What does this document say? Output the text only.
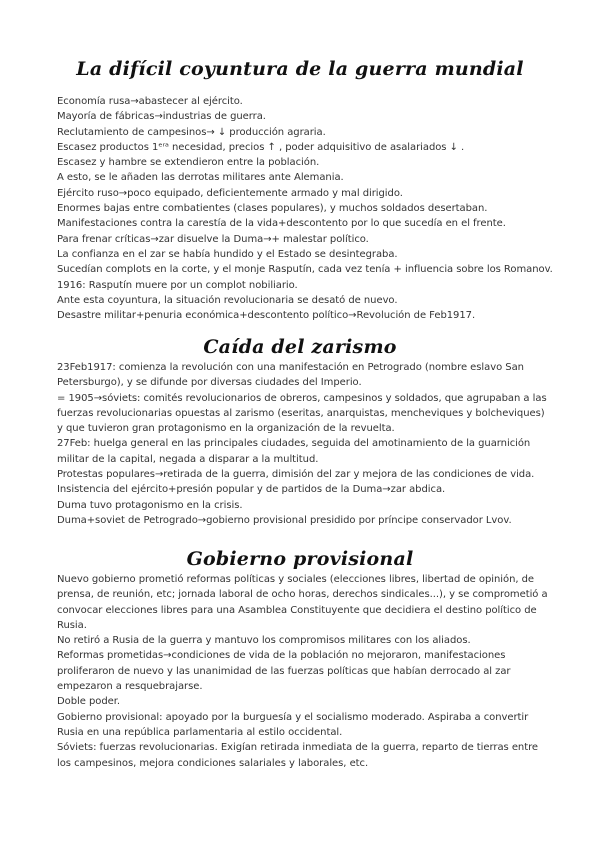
La difícil coyuntura de la guerra mundial
Economía rusa→abastecer al ejército.
Mayoría de fábricas→industrias de guerra.
Reclutamiento de campesinos→ ↓ producción agraria.
Escasez productos 1ᵉʳᵃ necesidad, precios ↑ , poder adquisitivo de asalariados ↓ .
Escasez y hambre se extendieron entre la población.
A esto, se le añaden las derrotas militares ante Alemania.
Ejército ruso→poco equipado, deficientemente armado y mal dirigido.
Enormes bajas entre combatientes (clases populares), y muchos soldados desertaban.
Manifestaciones contra la carestía de la vida+descontento por lo que sucedía en el frente.
Para frenar críticas→zar disuelve la Duma→+ malestar político.
La confianza en el zar se había hundido y el Estado se desintegraba.
Sucedían complots en la corte, y el monje Rasputín, cada vez tenía + influencia sobre los Romanov.
1916: Rasputín muere por un complot nobiliario.
Ante esta coyuntura, la situación revolucionaria se desató de nuevo.
Desastre militar+penuria económica+descontento político→Revolución de Feb1917.
Caída del zarismo
23Feb1917: comienza la revolución con una manifestación en Petrogrado (nombre eslavo San
Petersburgo), y se difunde por diversas ciudades del Imperio.
= 1905→sóviets: comités revolucionarios de obreros, campesinos y soldados, que agrupaban a las
fuerzas revolucionarias opuestas al zarismo (eseritas, anarquistas, mencheviques y bolcheviques)
y que tuvieron gran protagonismo en la organización de la revuelta.
27Feb: huelga general en las principales ciudades, seguida del amotinamiento de la guarnición
militar de la capital, negada a disparar a la multitud.
Protestas populares→retirada de la guerra, dimisión del zar y mejora de las condiciones de vida.
Insistencia del ejército+presión popular y de partidos de la Duma→zar abdica.
Duma tuvo protagonismo en la crisis.
Duma+soviet de Petrogrado→gobierno provisional presidido por príncipe conservador Lvov.
Gobierno provisional
Nuevo gobierno prometió reformas políticas y sociales (elecciones libres, libertad de opinión, de
prensa, de reunión, etc; jornada laboral de ocho horas, derechos sindicales...), y se comprometió a
convocar elecciones libres para una Asamblea Constituyente que decidiera el destino político de
Rusia.
No retiró a Rusia de la guerra y mantuvo los compromisos militares con los aliados.
Reformas prometidas→condiciones de vida de la población no mejoraron, manifestaciones
proliferaron de nuevo y las unanimidad de las fuerzas políticas que habían derrocado al zar
empezaron a resquebrajarse.
Doble poder.
Gobierno provisional: apoyado por la burguesía y el socialismo moderado. Aspiraba a convertir
Rusia en una república parlamentaria al estilo occidental.
Sóviets: fuerzas revolucionarias. Exigían retirada inmediata de la guerra, reparto de tierras entre
los campesinos, mejora condiciones salariales y laborales, etc.
